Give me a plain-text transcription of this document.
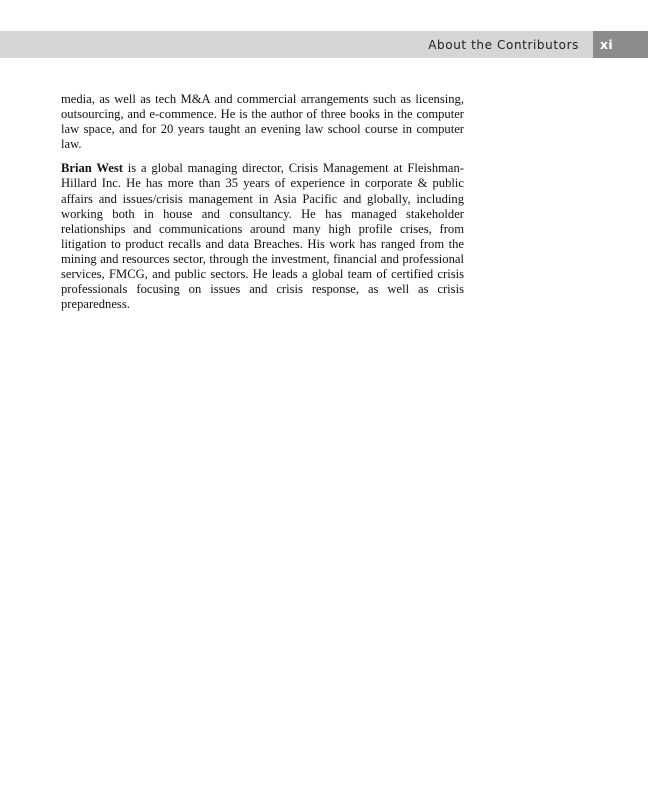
About the Contributors xi

media, as well as tech M&A and commercial arrangements such as licensing, outsourcing, and e-commence. He is the author of three books in the computer law space, and for 20 years taught an evening law school course in computer law.

Brian West is a global managing director, Crisis Management at Fleishman-Hillard Inc. He has more than 35 years of experience in corporate & public affairs and issues/crisis management in Asia Pacific and globally, including working both in house and consultancy. He has managed stakeholder relationships and communications around many high profile crises, from litigation to product recalls and data Breaches. His work has ranged from the mining and resources sector, through the investment, financial and professional services, FMCG, and public sectors. He leads a global team of certified crisis professionals focusing on issues and crisis response, as well as crisis preparedness.
